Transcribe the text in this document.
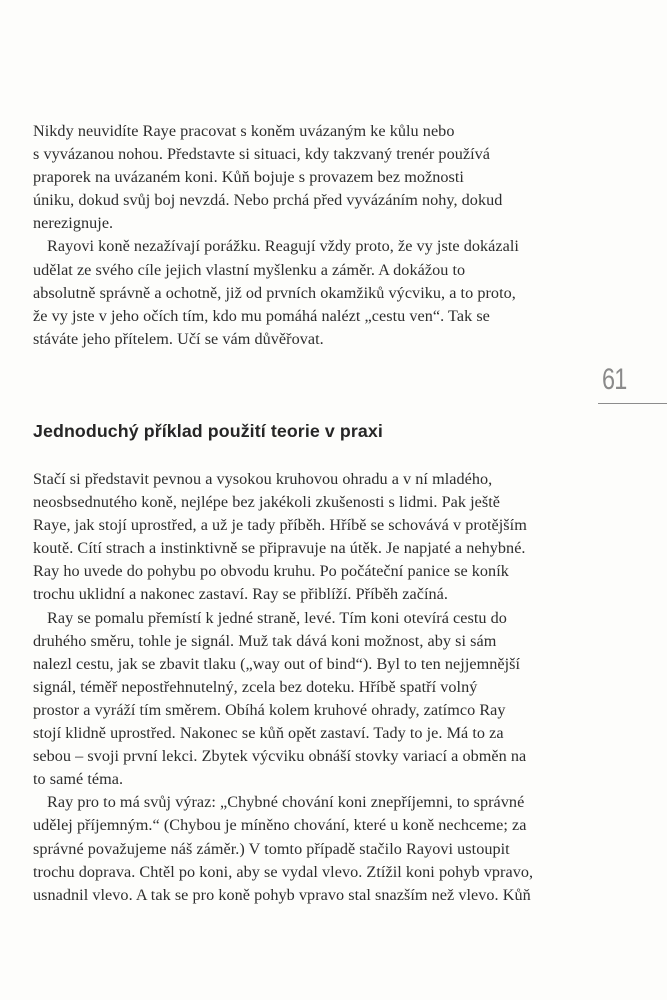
Nikdy neuvidíte Raye pracovat s koněm uvázaným ke kůlu nebo
s vyvázanou nohou. Představte si situaci, kdy takzvaný trenér používá
praporek na uvázaném koni. Kůň bojuje s provazem bez možnosti
úniku, dokud svůj boj nevzdá. Nebo prchá před vyvázáním nohy, dokud
nerezignuje.
Rayovi koně nezažívají porážku. Reagují vždy proto, že vy jste dokázali
udělat ze svého cíle jejich vlastní myšlenku a záměr. A dokážou to
absolutně správně a ochotně, již od prvních okamžiků výcviku, a to proto,
že vy jste v jeho očích tím, kdo mu pomáhá nalézt „cestu ven“. Tak se
stáváte jeho přítelem. Učí se vám důvěřovat.
61
Jednoduchý příklad použití teorie v praxi
Stačí si představit pevnou a vysokou kruhovou ohradu a v ní mladého,
neosbsednutého koně, nejlépe bez jakékoli zkušenosti s lidmi. Pak ještě
Raye, jak stojí uprostřed, a už je tady příběh. Hříbě se schovává v protějším
koutě. Cítí strach a instinktivně se připravuje na útěk. Je napjaté a nehybné.
Ray ho uvede do pohybu po obvodu kruhu. Po počáteční panice se koník
trochu uklidní a nakonec zastaví. Ray se přiblíží. Příběh začíná.
Ray se pomalu přemístí k jedné straně, levé. Tím koni otevírá cestu do
druhého směru, tohle je signál. Muž tak dává koni možnost, aby si sám
nalezl cestu, jak se zbavit tlaku („way out of bind“). Byl to ten nejjemnější
signál, téměř nepostřehnutelný, zcela bez doteku. Hříbě spatří volný
prostor a vyráží tím směrem. Obíhá kolem kruhové ohrady, zatímco Ray
stojí klidně uprostřed. Nakonec se kůň opět zastaví. Tady to je. Má to za
sebou – svoji první lekci. Zbytek výcviku obnáší stovky variací a obměn na
to samé téma.
Ray pro to má svůj výraz: „Chybné chování koni znepříjemni, to správné
udělej příjemným.“ (Chybou je míněno chování, které u koně nechceme; za
správné považujeme náš záměr.) V tomto případě stačilo Rayovi ustoupit
trochu doprava. Chtěl po koni, aby se vydal vlevo. Ztížil koni pohyb vpravo,
usnadnil vlevo. A tak se pro koně pohyb vpravo stal snazším než vlevo. Kůň
